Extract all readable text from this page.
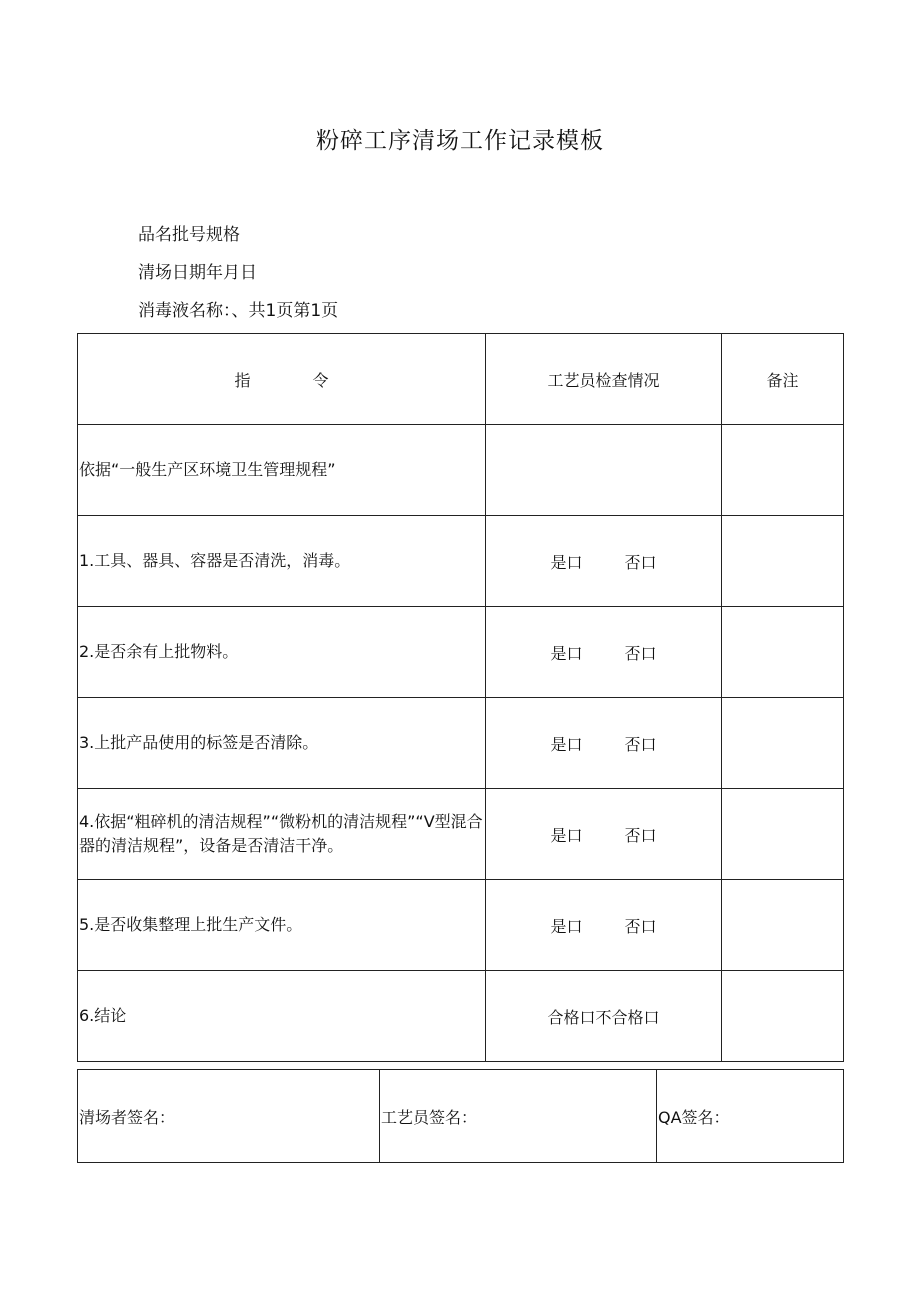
粉碎工序清场工作记录模板
品名批号规格
清场日期年月日
消毒液名称：、共1页第1页
指 令	工艺员检查情况	备注
依据“一般生产区环境卫生管理规程”		
1.工具、器具、容器是否清洗，消毒。	是口 否口	
2.是否余有上批物料。	是口 否口	
3.上批产品使用的标签是否清除。	是口 否口	
4.依据“粗碎机的清洁规程”“微粉机的清洁规程”“V型混合器的清洁规程”，设备是否清洁干净。	是口 否口	
5.是否收集整理上批生产文件。	是口 否口	
6.结论	合格口不合格口	
清场者签名：	工艺员签名：	QA签名：
